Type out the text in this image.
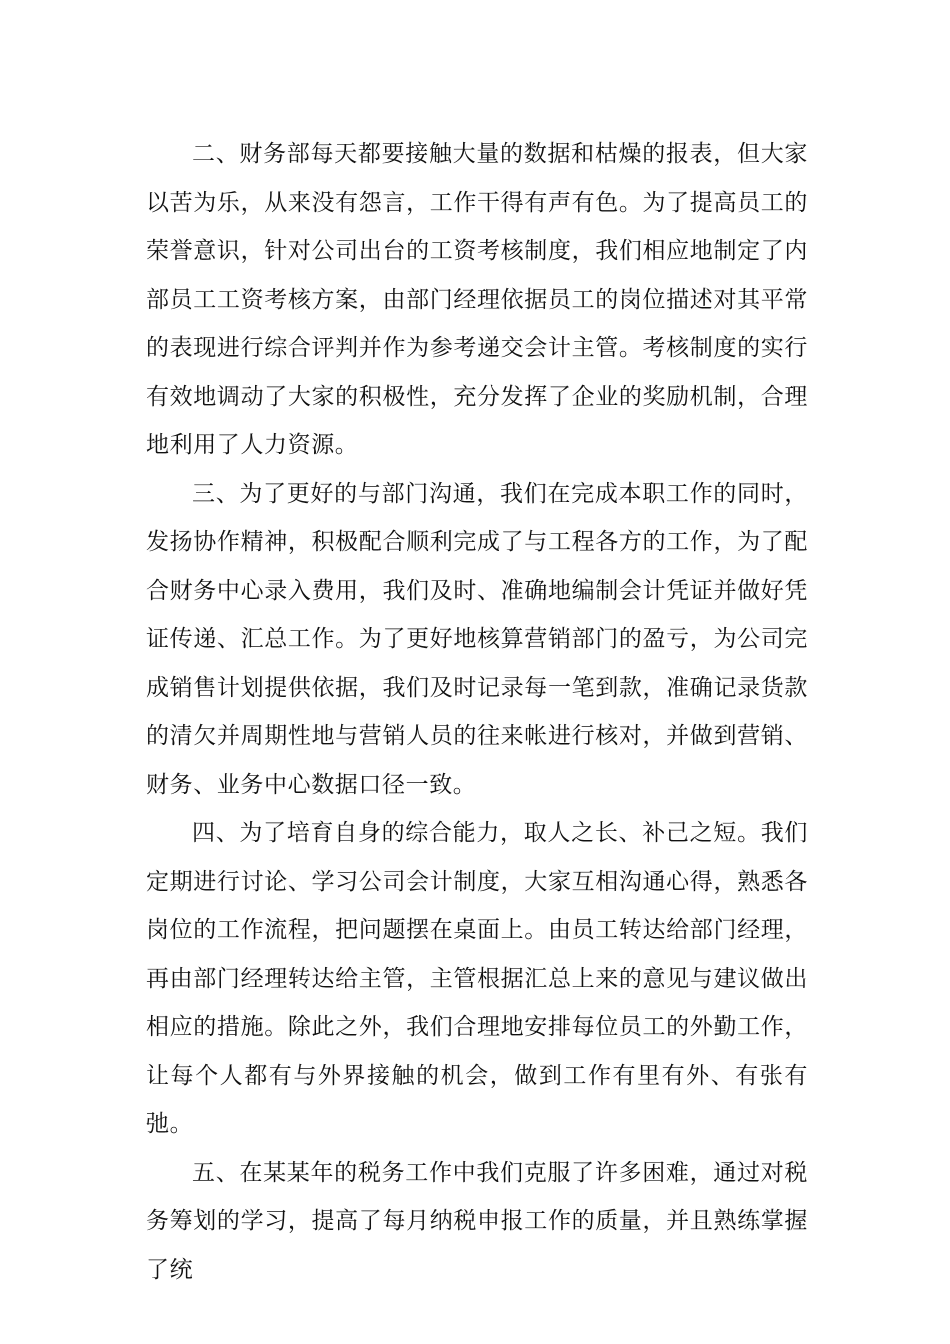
二、财务部每天都要接触大量的数据和枯燥的报表，但大家以苦为乐，从来没有怨言，工作干得有声有色。为了提高员工的荣誉意识，针对公司出台的工资考核制度，我们相应地制定了内部员工工资考核方案，由部门经理依据员工的岗位描述对其平常的表现进行综合评判并作为参考递交会计主管。考核制度的实行有效地调动了大家的积极性，充分发挥了企业的奖励机制，合理地利用了人力资源。

三、为了更好的与部门沟通，我们在完成本职工作的同时，发扬协作精神，积极配合顺利完成了与工程各方的工作，为了配合财务中心录入费用，我们及时、准确地编制会计凭证并做好凭证传递、汇总工作。为了更好地核算营销部门的盈亏，为公司完成销售计划提供依据，我们及时记录每一笔到款，准确记录货款的清欠并周期性地与营销人员的往来帐进行核对，并做到营销、财务、业务中心数据口径一致。

四、为了培育自身的综合能力，取人之长、补己之短。我们定期进行讨论、学习公司会计制度，大家互相沟通心得，熟悉各岗位的工作流程，把问题摆在桌面上。由员工转达给部门经理，再由部门经理转达给主管，主管根据汇总上来的意见与建议做出相应的措施。除此之外，我们合理地安排每位员工的外勤工作，让每个人都有与外界接触的机会，做到工作有里有外、有张有弛。

五、在某某年的税务工作中我们克服了许多困难，通过对税务筹划的学习，提高了每月纳税申报工作的质量，并且熟练掌握了统
